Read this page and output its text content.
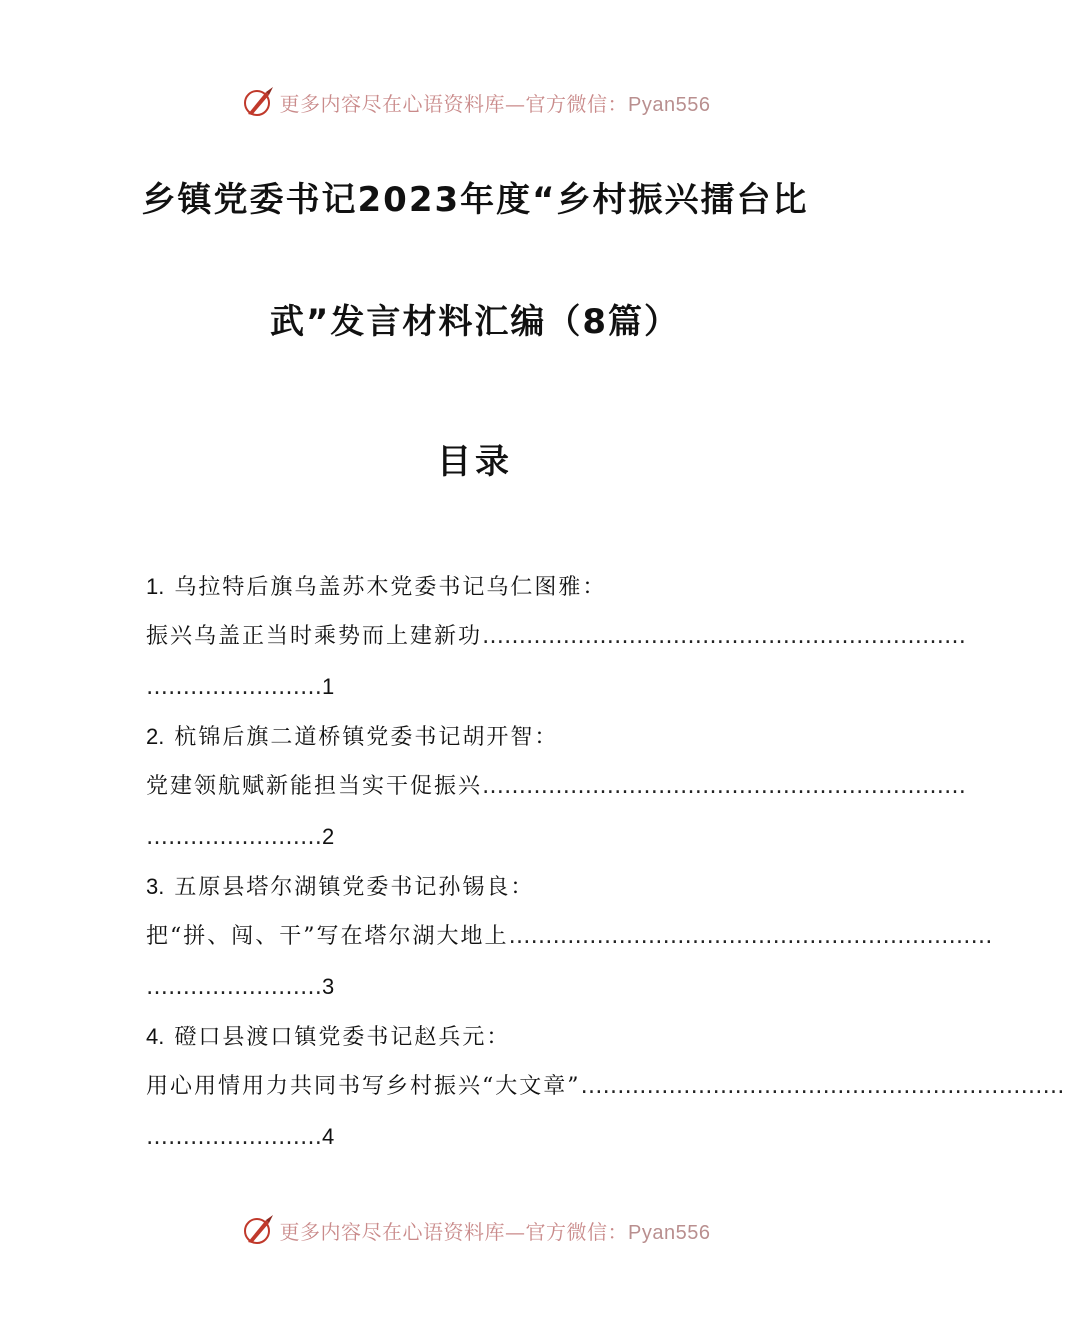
更多内容尽在心语资料库—官方微信：Pyan556
乡镇党委书记2023年度“乡村振兴擂台比
武”发言材料汇编（8篇）
目录
1. 乌拉特后旗乌盖苏木党委书记乌仁图雅：
振兴乌盖正当时乘势而上建新功 …………………………………………………………
……………………1
2. 杭锦后旗二道桥镇党委书记胡开智：
党建领航赋新能担当实干促振兴 …………………………………………………………
……………………2
3. 五原县塔尔湖镇党委书记孙锡良：
把“拼、闯、干”写在塔尔湖大地上 …………………………………………………………
……………………3
4. 磴口县渡口镇党委书记赵兵元：
用心用情用力共同书写乡村振兴“大文章” …………………………………………………………
……………………4
更多内容尽在心语资料库—官方微信：Pyan556
